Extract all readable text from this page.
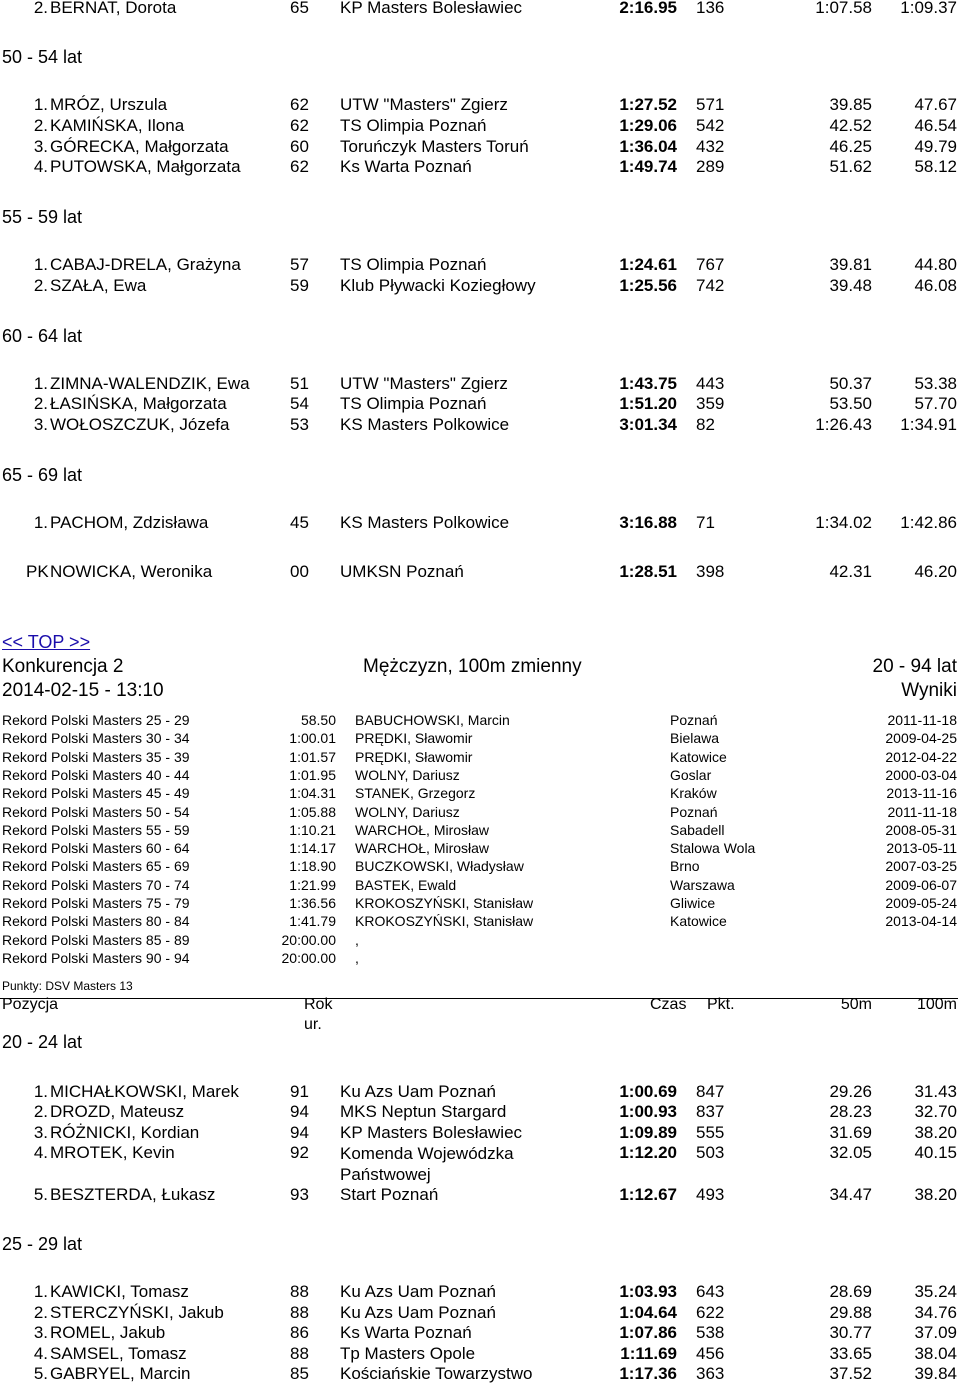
2. BERNAT, Dorota	65 KP Masters Bolesławiec	2:16.95 136	1:07.58 1:09.37
50 - 54 lat
1. MRÓZ, Urszula	62 UTW "Masters" Zgierz	1:27.52 571	39.85 47.67
2. KAMIŃSKA, Ilona	62 TS Olimpia Poznań	1:29.06 542	42.52 46.54
3. GÓRECKA, Małgorzata	60 Toruńczyk Masters Toruń	1:36.04 432	46.25 49.79
4. PUTOWSKA, Małgorzata	62 Ks Warta Poznań	1:49.74 289	51.62 58.12
55 - 59 lat
1. CABAJ-DRELA, Grażyna	57 TS Olimpia Poznań	1:24.61 767	39.81 44.80
2. SZAŁA, Ewa	59 Klub Pływacki Koziegłowy	1:25.56 742	39.48 46.08
60 - 64 lat
1. ZIMNA-WALENDZIK, Ewa 51 UTW "Masters" Zgierz	1:43.75 443	50.37 53.38
2. ŁASIŃSKA, Małgorzata	54 TS Olimpia Poznań	1:51.20 359	53.50 57.70
3. WOŁOSZCZUK, Józefa	53 KS Masters Polkowice	3:01.34 82	1:26.43 1:34.91
65 - 69 lat
1. PACHOM, Zdzisława	45 KS Masters Polkowice	3:16.88 71	1:34.02 1:42.86
PK NOWICKA, Weronika	00 UMKSN Poznań	1:28.51 398	42.31 46.20
<< TOP >>
Konkurencja 2	Mężczyzn, 100m zmienny	20 - 94 lat
2014-02-15 - 13:10	Wyniki
Rekord Polski Masters 25 - 29	58.50 BABUCHOWSKI, Marcin	Poznań	2011-11-18
Rekord Polski Masters 30 - 34	1:00.01 PRĘDKI, Sławomir	Bielawa	2009-04-25
Rekord Polski Masters 35 - 39	1:01.57 PRĘDKI, Sławomir	Katowice	2012-04-22
Rekord Polski Masters 40 - 44	1:01.95 WOLNY, Dariusz	Goslar	2000-03-04
Rekord Polski Masters 45 - 49	1:04.31 STANEK, Grzegorz	Kraków	2013-11-16
Rekord Polski Masters 50 - 54	1:05.88 WOLNY, Dariusz	Poznań	2011-11-18
Rekord Polski Masters 55 - 59	1:10.21 WARCHOŁ, Mirosław	Sabadell	2008-05-31
Rekord Polski Masters 60 - 64	1:14.17 WARCHOŁ, Mirosław	Stalowa Wola	2013-05-11
Rekord Polski Masters 65 - 69	1:18.90 BUCZKOWSKI, Władysław	Brno	2007-03-25
Rekord Polski Masters 70 - 74	1:21.99 BASTEK, Ewald	Warszawa	2009-06-07
Rekord Polski Masters 75 - 79	1:36.56 KROKOSZYŃSKI, Stanisław	Gliwice	2009-05-24
Rekord Polski Masters 80 - 84	1:41.79 KROKOSZYŃSKI, Stanisław	Katowice	2013-04-14
Rekord Polski Masters 85 - 89	20:00.00 ,
Rekord Polski Masters 90 - 94	20:00.00 ,
Punkty: DSV Masters 13
Pozycja	Rok
ur.
Czas Pkt.	50m	100m
20 - 24 lat
1. MICHAŁKOWSKI, Marek	91 Ku Azs Uam Poznań	1:00.69 847	29.26 31.43
2. DROZD, Mateusz	94 MKS Neptun Stargard	1:00.93 837	28.23 32.70
3. RÓŻNICKI, Kordian	94 KP Masters Bolesławiec	1:09.89 555	31.69 38.20
4. MROTEK, Kevin	92 Komenda Wojewódzka Państwowej
1:12.20 503	32.05 40.15
5. BESZTERDA, Łukasz	93 Start Poznań	1:12.67 493	34.47 38.20
25 - 29 lat
1. KAWICKI, Tomasz	88 Ku Azs Uam Poznań	1:03.93 643	28.69 35.24
2. STERCZYŃSKI, Jakub	88 Ku Azs Uam Poznań	1:04.64 622	29.88 34.76
3. ROMEL, Jakub	86 Ks Warta Poznań	1:07.86 538	30.77 37.09
4. SAMSEL, Tomasz	88 Tp Masters Opole	1:11.69 456	33.65 38.04
5. GABRYEL, Marcin	85 Kościańskie Towarzystwo	1:17.36 363	37.52 39.84
